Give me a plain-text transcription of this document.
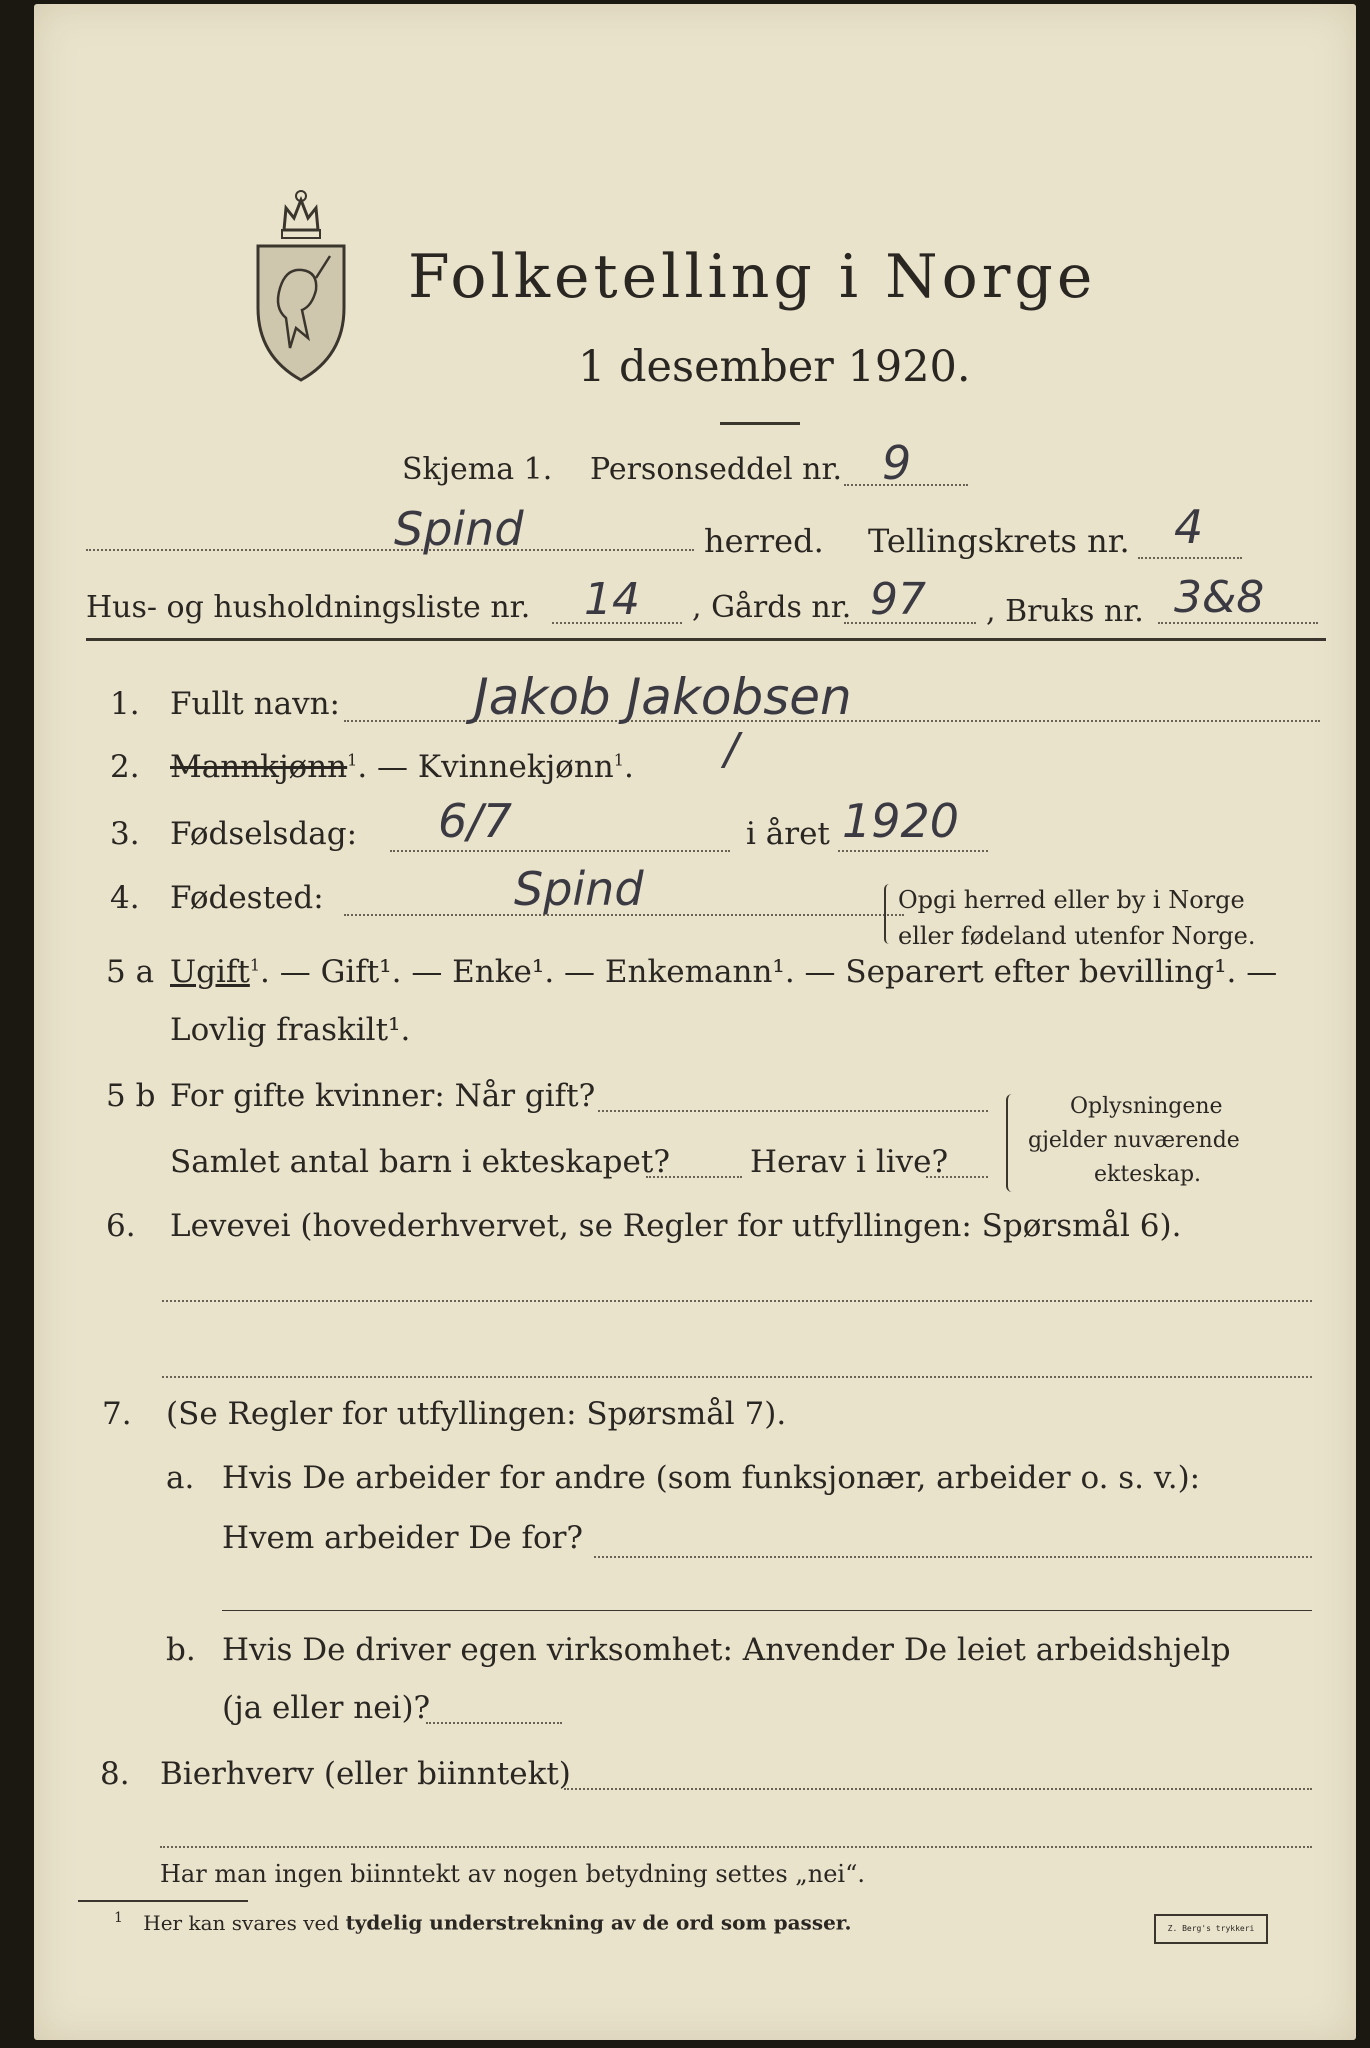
Folketelling i Norge
1 desember 1920.
Skjema 1. Personseddel nr. 9
Spind	herred. Tellingskrets nr. 4
Hus- og husholdningsliste nr. 14 , Gårds nr. 97 , Bruks nr. 3&8
1. Fullt navn:	Jakob Jakobsen
2. Mannkjønn$^1$. — Kvinnekjønn$^1$. /
3. Fødselsdag: 6/7	i året 1920
4. Fødested:	Spind	Opgi herred eller by i Norge
eller fødeland utenfor Norge.
5 a Ugift$^1$. — Gift¹. — Enke¹. — Enkemann¹. — Separert efter bevilling¹. —
Lovlig fraskilt¹.
5 b For gifte kvinner: Når gift?
Samlet antal barn i ekteskapet?	Herav i live?
Oplysningene
gjelder nuværende
ekteskap.
6. Levevei (hovederhvervet, se Regler for utfyllingen: Spørsmål 6).
7. (Se Regler for utfyllingen: Spørsmål 7).
a. Hvis De arbeider for andre (som funksjonær, arbeider o. s. v.):
Hvem arbeider De for?
b. Hvis De driver egen virksomhet: Anvender De leiet arbeidshjelp
(ja eller nei)?
8. Bierhverv (eller biinntekt)
Har man ingen biinntekt av nogen betydning settes „nei“.
$^1$ Her kan svares ved tydelig understrekning av de ord som passer.	Z. Berg's trykkeri
